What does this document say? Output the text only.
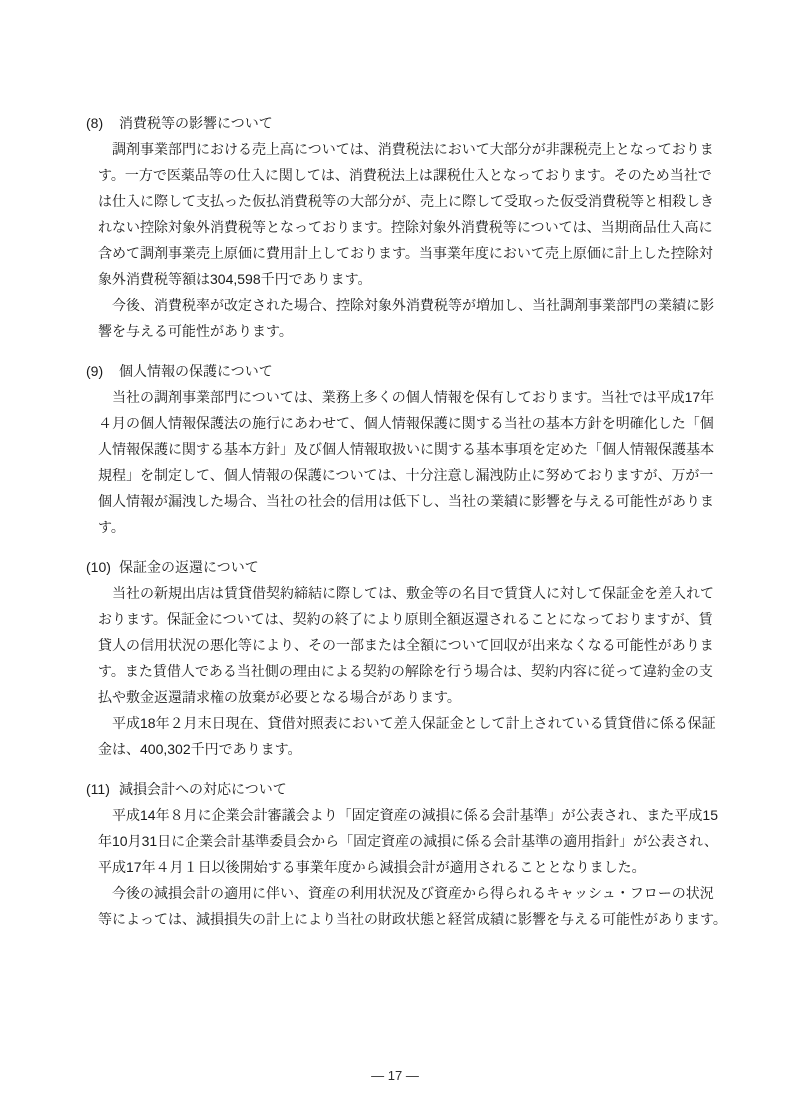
(8) 消費税等の影響について

調剤事業部門における売上高については、消費税法において大部分が非課税売上となっておりま
す。一方で医薬品等の仕入に関しては、消費税法上は課税仕入となっております。そのため当社で
は仕入に際して支払った仮払消費税等の大部分が、売上に際して受取った仮受消費税等と相殺しき
れない控除対象外消費税等となっております。控除対象外消費税等については、当期商品仕入高に
含めて調剤事業売上原価に費用計上しております。当事業年度において売上原価に計上した控除対
象外消費税等額は304,598千円であります。

今後、消費税率が改定された場合、控除対象外消費税等が増加し、当社調剤事業部門の業績に影
響を与える可能性があります。

(9) 個人情報の保護について

当社の調剤事業部門については、業務上多くの個人情報を保有しております。当社では平成17年
４月の個人情報保護法の施行にあわせて、個人情報保護に関する当社の基本方針を明確化した「個
人情報保護に関する基本方針」及び個人情報取扱いに関する基本事項を定めた「個人情報保護基本
規程」を制定して、個人情報の保護については、十分注意し漏洩防止に努めておりますが、万が一
個人情報が漏洩した場合、当社の社会的信用は低下し、当社の業績に影響を与える可能性がありま
す。

(10) 保証金の返還について

当社の新規出店は賃貸借契約締結に際しては、敷金等の名目で賃貸人に対して保証金を差入れて
おります。保証金については、契約の終了により原則全額返還されることになっておりますが、賃
貸人の信用状況の悪化等により、その一部または全額について回収が出来なくなる可能性がありま
す。また賃借人である当社側の理由による契約の解除を行う場合は、契約内容に従って違約金の支
払や敷金返還請求権の放棄が必要となる場合があります。

平成18年２月末日現在、貸借対照表において差入保証金として計上されている賃貸借に係る保証
金は、400,302千円であります。

(11) 減損会計への対応について

平成14年８月に企業会計審議会より「固定資産の減損に係る会計基準」が公表され、また平成15
年10月31日に企業会計基準委員会から「固定資産の減損に係る会計基準の適用指針」が公表され、
平成17年４月１日以後開始する事業年度から減損会計が適用されることとなりました。

今後の減損会計の適用に伴い、資産の利用状況及び資産から得られるキャッシュ・フローの状況
等によっては、減損損失の計上により当社の財政状態と経営成績に影響を与える可能性があります。

— 17 —
